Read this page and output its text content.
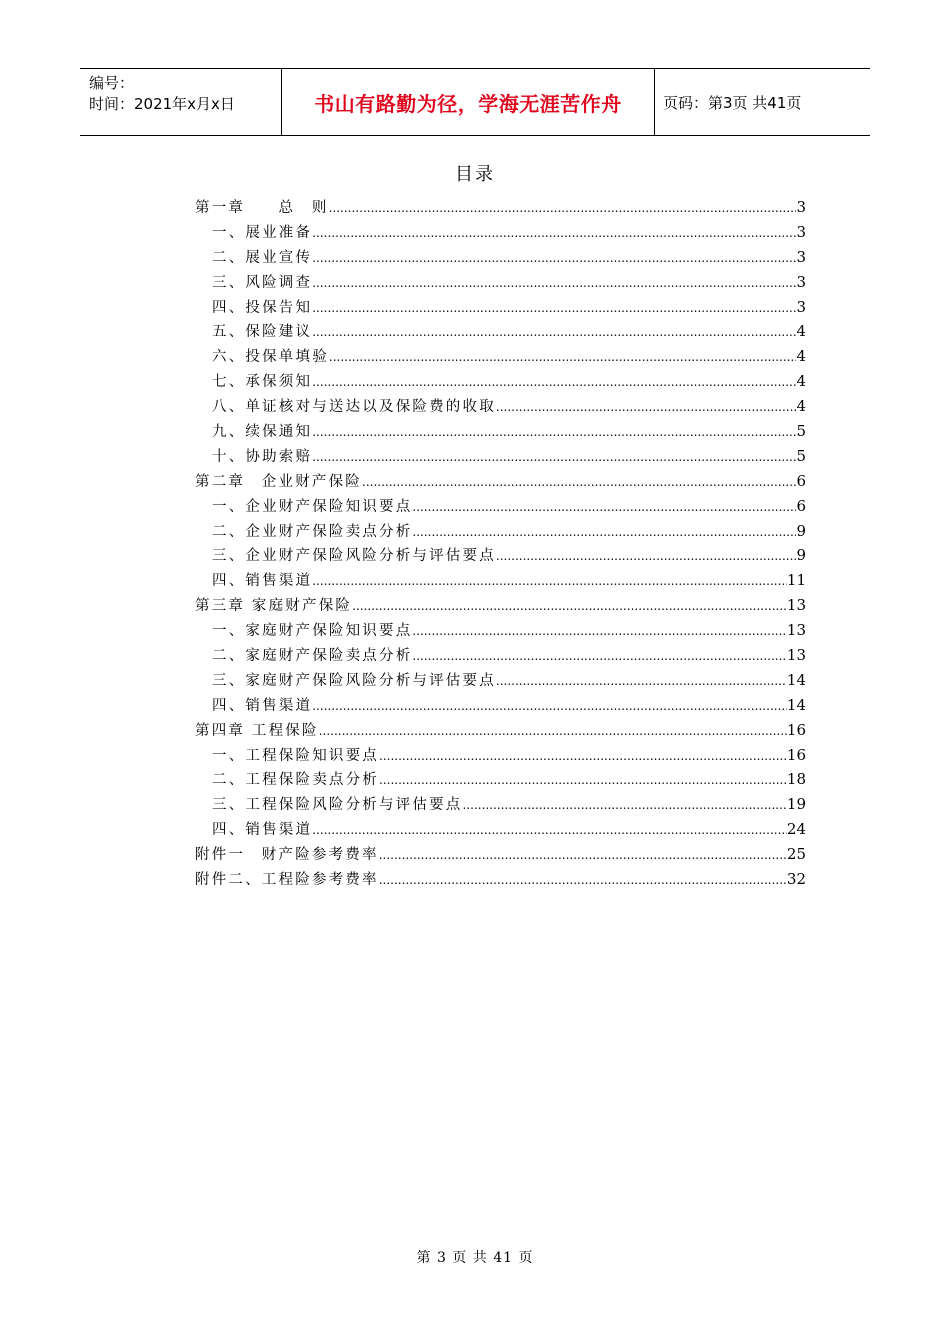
编号：
时间：2021年x月x日	书山有路勤为径，学海无涯苦作舟	页码：第3页 共41页
目录
第一章　　总　则 .....	3
一、展业准备 .....	3
二、展业宣传 .....	3
三、风险调查 .....	3
四、投保告知 .....	3
五、保险建议 .....	4
六、投保单填验 .....	4
七、承保须知 .....	4
八、单证核对与送达以及保险费的收取 .....	4
九、续保通知 .....	5
十、协助索赔 .....	5
第二章　企业财产保险 .....	6
一、企业财产保险知识要点 .....	6
二、企业财产保险卖点分析 .....	9
三、企业财产保险风险分析与评估要点 .....	9
四、销售渠道 .....	11
第三章 家庭财产保险 .....	13
一、家庭财产保险知识要点 .....	13
二、家庭财产保险卖点分析 .....	13
三、家庭财产保险风险分析与评估要点 .....	14
四、销售渠道 .....	14
第四章 工程保险 .....	16
一、工程保险知识要点 .....	16
二、工程保险卖点分析 .....	18
三、工程保险风险分析与评估要点 .....	19
四、销售渠道 .....	24
附件一　财产险参考费率 .....	25
附件二、工程险参考费率 .....	32
第 3 页 共 41 页
